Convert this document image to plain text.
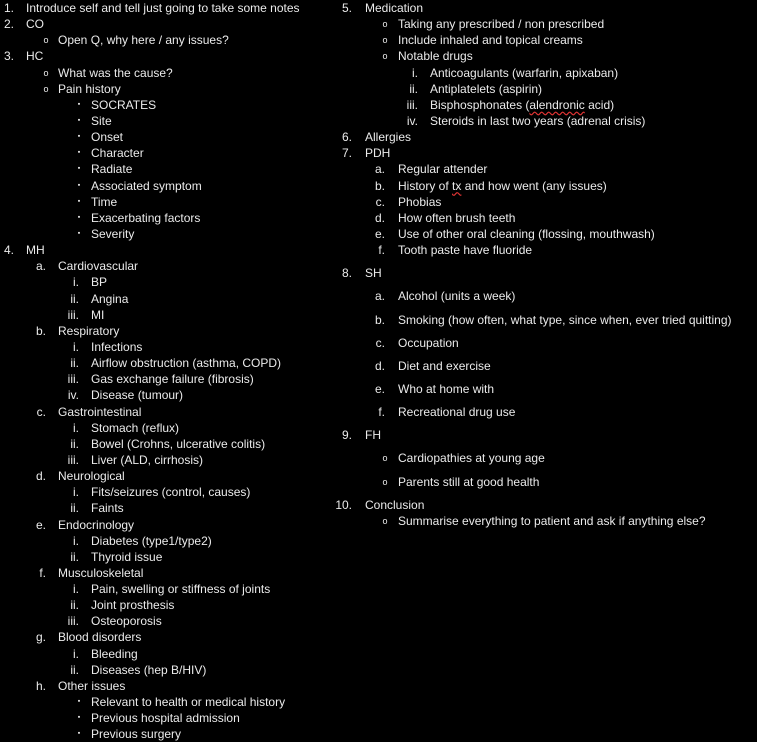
1. Introduce self and tell just going to take some notes
2. CO
o Open Q, why here / any issues?
3. HC
o What was the cause?
o Pain history
▪ SOCRATES
▪ Site
▪ Onset
▪ Character
▪ Radiate
▪ Associated symptom
▪ Time
▪ Exacerbating factors
▪ Severity
4. MH
a. Cardiovascular
i. BP
ii. Angina
iii. MI
b. Respiratory
i. Infections
ii. Airflow obstruction (asthma, COPD)
iii. Gas exchange failure (fibrosis)
iv. Disease (tumour)
c. Gastrointestinal
i. Stomach (reflux)
ii. Bowel (Crohns, ulcerative colitis)
iii. Liver (ALD, cirrhosis)
d. Neurological
i. Fits/seizures (control, causes)
ii. Faints
e. Endocrinology
i. Diabetes (type1/type2)
ii. Thyroid issue
f. Musculoskeletal
i. Pain, swelling or stiffness of joints
ii. Joint prosthesis
iii. Osteoporosis
g. Blood disorders
i. Bleeding
ii. Diseases (hep B/HIV)
h. Other issues
▪ Relevant to health or medical history
▪ Previous hospital admission
▪ Previous surgery
5. Medication
o Taking any prescribed / non prescribed
o Include inhaled and topical creams
o Notable drugs
i. Anticoagulants (warfarin, apixaban)
ii. Antiplatelets (aspirin)
iii. Bisphosphonates (alendronic acid)
iv. Steroids in last two years (adrenal crisis)
6. Allergies
7. PDH
a. Regular attender
b. History of tx and how went (any issues)
c. Phobias
d. How often brush teeth
e. Use of other oral cleaning (flossing, mouthwash)
f. Tooth paste have fluoride
8. SH
a. Alcohol (units a week)
b. Smoking (how often, what type, since when, ever tried quitting)
c. Occupation
d. Diet and exercise
e. Who at home with
f. Recreational drug use
9. FH
o Cardiopathies at young age
o Parents still at good health
10. Conclusion
o Summarise everything to patient and ask if anything else?
